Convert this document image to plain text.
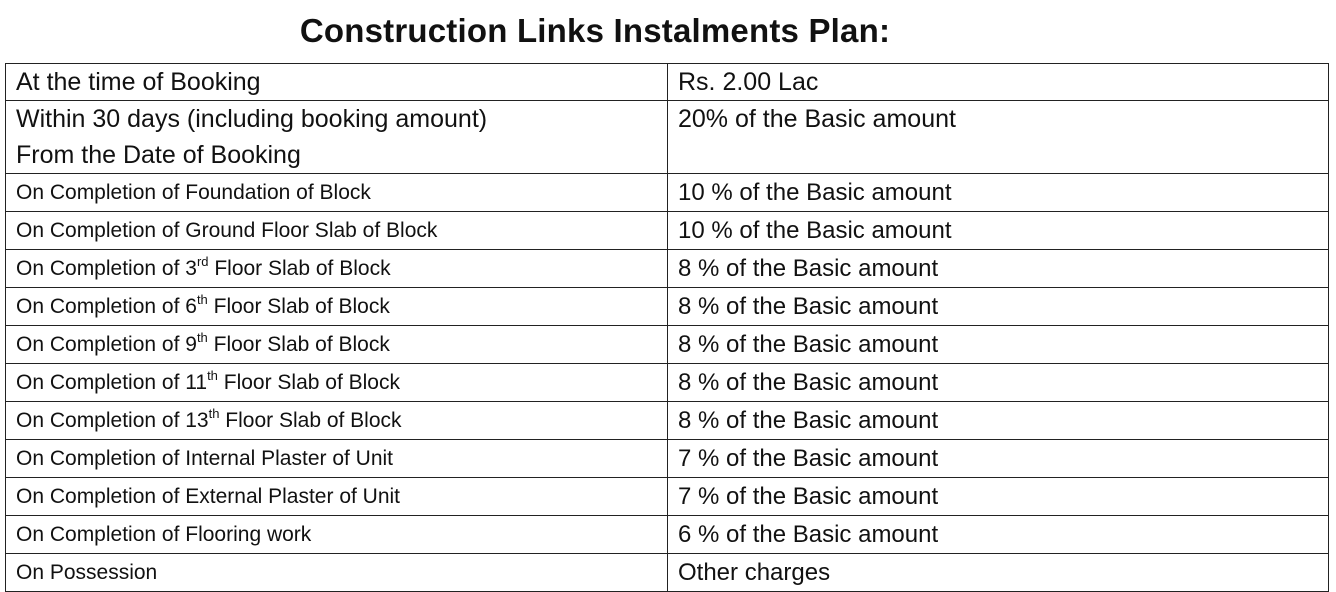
Construction Links Instalments Plan:
At the time of Booking	Rs. 2.00 Lac

Within 30 days (including booking amount)
From the Date of Booking	20% of the Basic amount
On Completion of Foundation of Block	10 % of the Basic amount
On Completion of Ground Floor Slab of Block	10 % of the Basic amount
On Completion of 3rd Floor Slab of Block	8 % of the Basic amount
On Completion of 6th Floor Slab of Block	8 % of the Basic amount
On Completion of 9th Floor Slab of Block	8 % of the Basic amount
On Completion of 11th Floor Slab of Block	8 % of the Basic amount
On Completion of 13th Floor Slab of Block	8 % of the Basic amount
On Completion of Internal Plaster of Unit	7 % of the Basic amount
On Completion of External Plaster of Unit	7 % of the Basic amount
On Completion of Flooring work	6 % of the Basic amount
On Possession	Other charges
